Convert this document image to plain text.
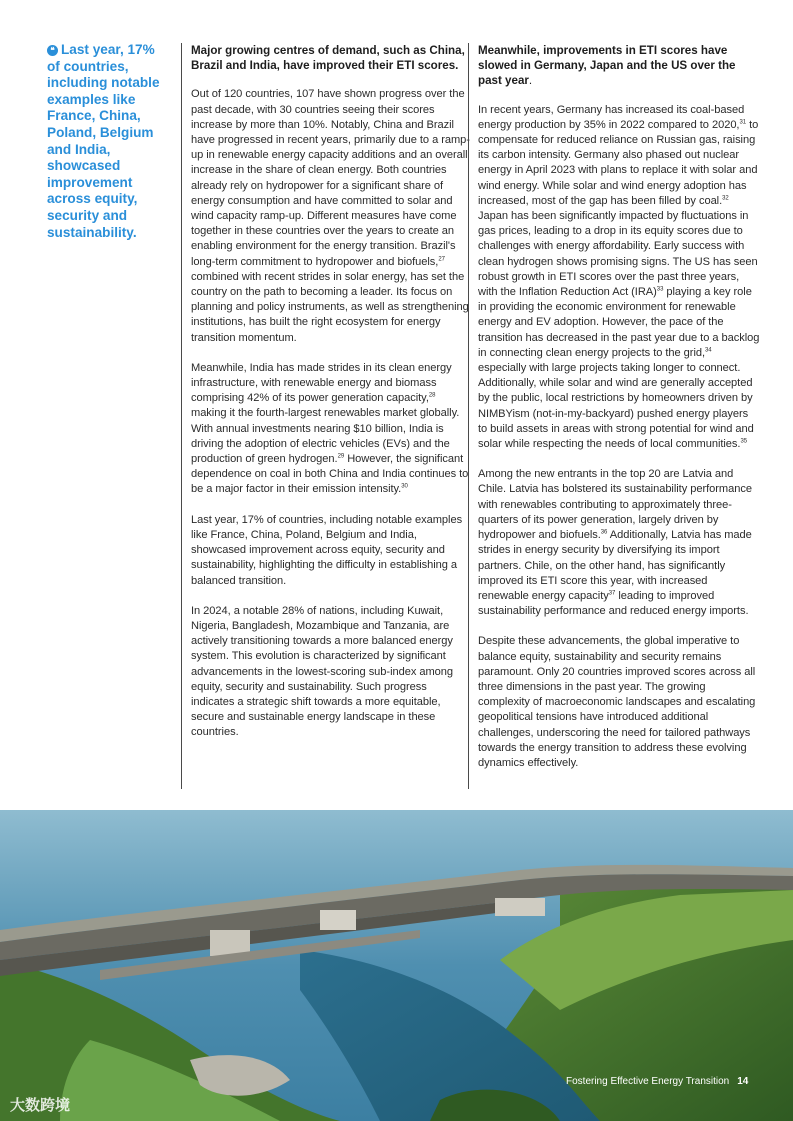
❝ Last year, 17% of countries, including notable examples like France, China, Poland, Belgium and India, showcased improvement across equity, security and sustainability.

Major growing centres of demand, such as China, Brazil and India, have improved their ETI scores.

Out of 120 countries, 107 have shown progress over the past decade, with 30 countries seeing their scores increase by more than 10%. Notably, China and Brazil have progressed in recent years, primarily due to a ramp-up in renewable energy capacity additions and an overall increase in the share of clean energy. Both countries already rely on hydropower for a significant share of energy consumption and have committed to solar and wind capacity ramp-up. Different measures have come together in these countries over the years to create an enabling environment for the energy transition. Brazil's long-term commitment to hydropower and biofuels,$^{27}$ combined with recent strides in solar energy, has set the country on the path to becoming a leader. Its focus on planning and policy instruments, as well as strengthening institutions, has built the right ecosystem for energy transition momentum.

Meanwhile, India has made strides in its clean energy infrastructure, with renewable energy and biomass comprising 42% of its power generation capacity,$^{28}$ making it the fourth-largest renewables market globally. With annual investments nearing $10 billion, India is driving the adoption of electric vehicles (EVs) and the production of green hydrogen.$^{29}$ However, the significant dependence on coal in both China and India continues to be a major factor in their emission intensity.$^{30}$

Last year, 17% of countries, including notable examples like France, China, Poland, Belgium and India, showcased improvement across equity, security and sustainability, highlighting the difficulty in establishing a balanced transition.

In 2024, a notable 28% of nations, including Kuwait, Nigeria, Bangladesh, Mozambique and Tanzania, are actively transitioning towards a more balanced energy system. This evolution is characterized by significant advancements in the lowest-scoring sub-index among equity, security and sustainability. Such progress indicates a strategic shift towards a more equitable, secure and sustainable energy landscape in these countries.

Meanwhile, improvements in ETI scores have slowed in Germany, Japan and the US over the past year.

In recent years, Germany has increased its coal-based energy production by 35% in 2022 compared to 2020,31 to compensate for reduced reliance on Russian gas, raising its carbon intensity. Germany also phased out nuclear energy in April 2023 with plans to replace it with solar and wind energy. While solar and wind energy adoption has increased, most of the gap has been filled by coal.$^{32}$ Japan has been significantly impacted by fluctuations in gas prices, leading to a drop in its equity scores due to challenges with energy affordability. Early success with clean hydrogen shows promising signs. The US has seen robust growth in ETI scores over the past three years, with the Inflation Reduction Act (IRA)$^{33}$ playing a key role in providing the economic environment for renewable energy and EV adoption. However, the pace of the transition has decreased in the past year due to a backlog in connecting clean energy projects to the grid,$^{34}$ especially with large projects taking longer to connect. Additionally, while solar and wind are generally accepted by the public, local restrictions by homeowners driven by NIMBYism (not-in-my-backyard) pushed energy players to build assets in areas with strong potential for wind and solar while respecting the needs of local communities.$^{35}$

Among the new entrants in the top 20 are Latvia and Chile. Latvia has bolstered its sustainability performance with renewables contributing to approximately three-quarters of its power generation, largely driven by hydropower and biofuels.$^{36}$ Additionally, Latvia has made strides in energy security by diversifying its import partners. Chile, on the other hand, has significantly improved its ETI score this year, with increased renewable energy capacity$^{37}$ leading to improved sustainability performance and reduced energy imports.

Despite these advancements, the global imperative to balance equity, sustainability and security remains paramount. Only 20 countries improved scores across all three dimensions in the past year. The growing complexity of macroeconomic landscapes and escalating geopolitical tensions have introduced additional challenges, underscoring the need for tailored pathways towards the energy transition to address these evolving dynamics effectively.

Fostering Effective Energy Transition 14
大数跨境
